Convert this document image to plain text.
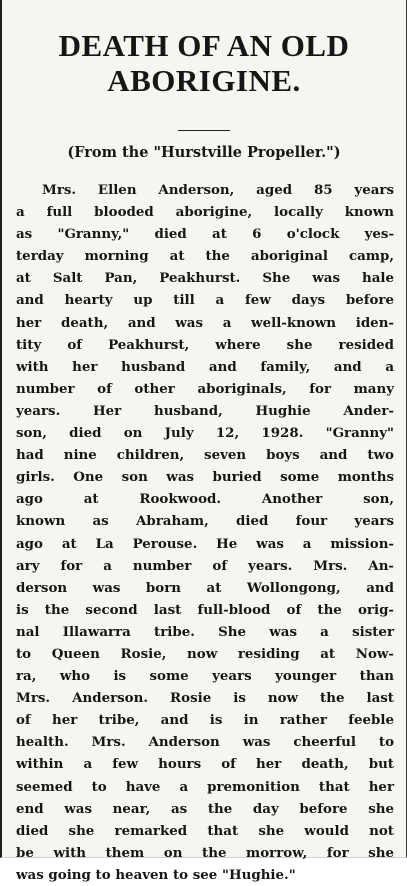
DEATH OF AN OLD
ABORIGINE.
(From the "Hurstville Propeller.")
Mrs. Ellen Anderson, aged 85 years
a full blooded aborigine, locally known
as "Granny," died at 6 o'clock yes-
terday morning at the aboriginal camp,
at Salt Pan, Peakhurst. She was hale
and hearty up till a few days before
her death, and was a well-known iden-
tity of Peakhurst, where she resided
with her husband and family, and a
number of other aboriginals, for many
years. Her husband, Hughie Ander-
son, died on July 12, 1928. "Granny"
had nine children, seven boys and two
girls. One son was buried some months
ago at Rookwood. Another son,
known as Abraham, died four years
ago at La Perouse. He was a mission-
ary for a number of years. Mrs. An-
derson was born at Wollongong, and
is the second last full-blood of the orig-
nal Illawarra tribe. She was a sister
to Queen Rosie, now residing at Now-
ra, who is some years younger than
Mrs. Anderson. Rosie is now the last
of her tribe, and is in rather feeble
health. Mrs. Anderson was cheerful to
within a few hours of her death, but
seemed to have a premonition that her
end was near, as the day before she
died she remarked that she would not
be with them on the morrow, for she
was going to heaven to see "Hughie."
